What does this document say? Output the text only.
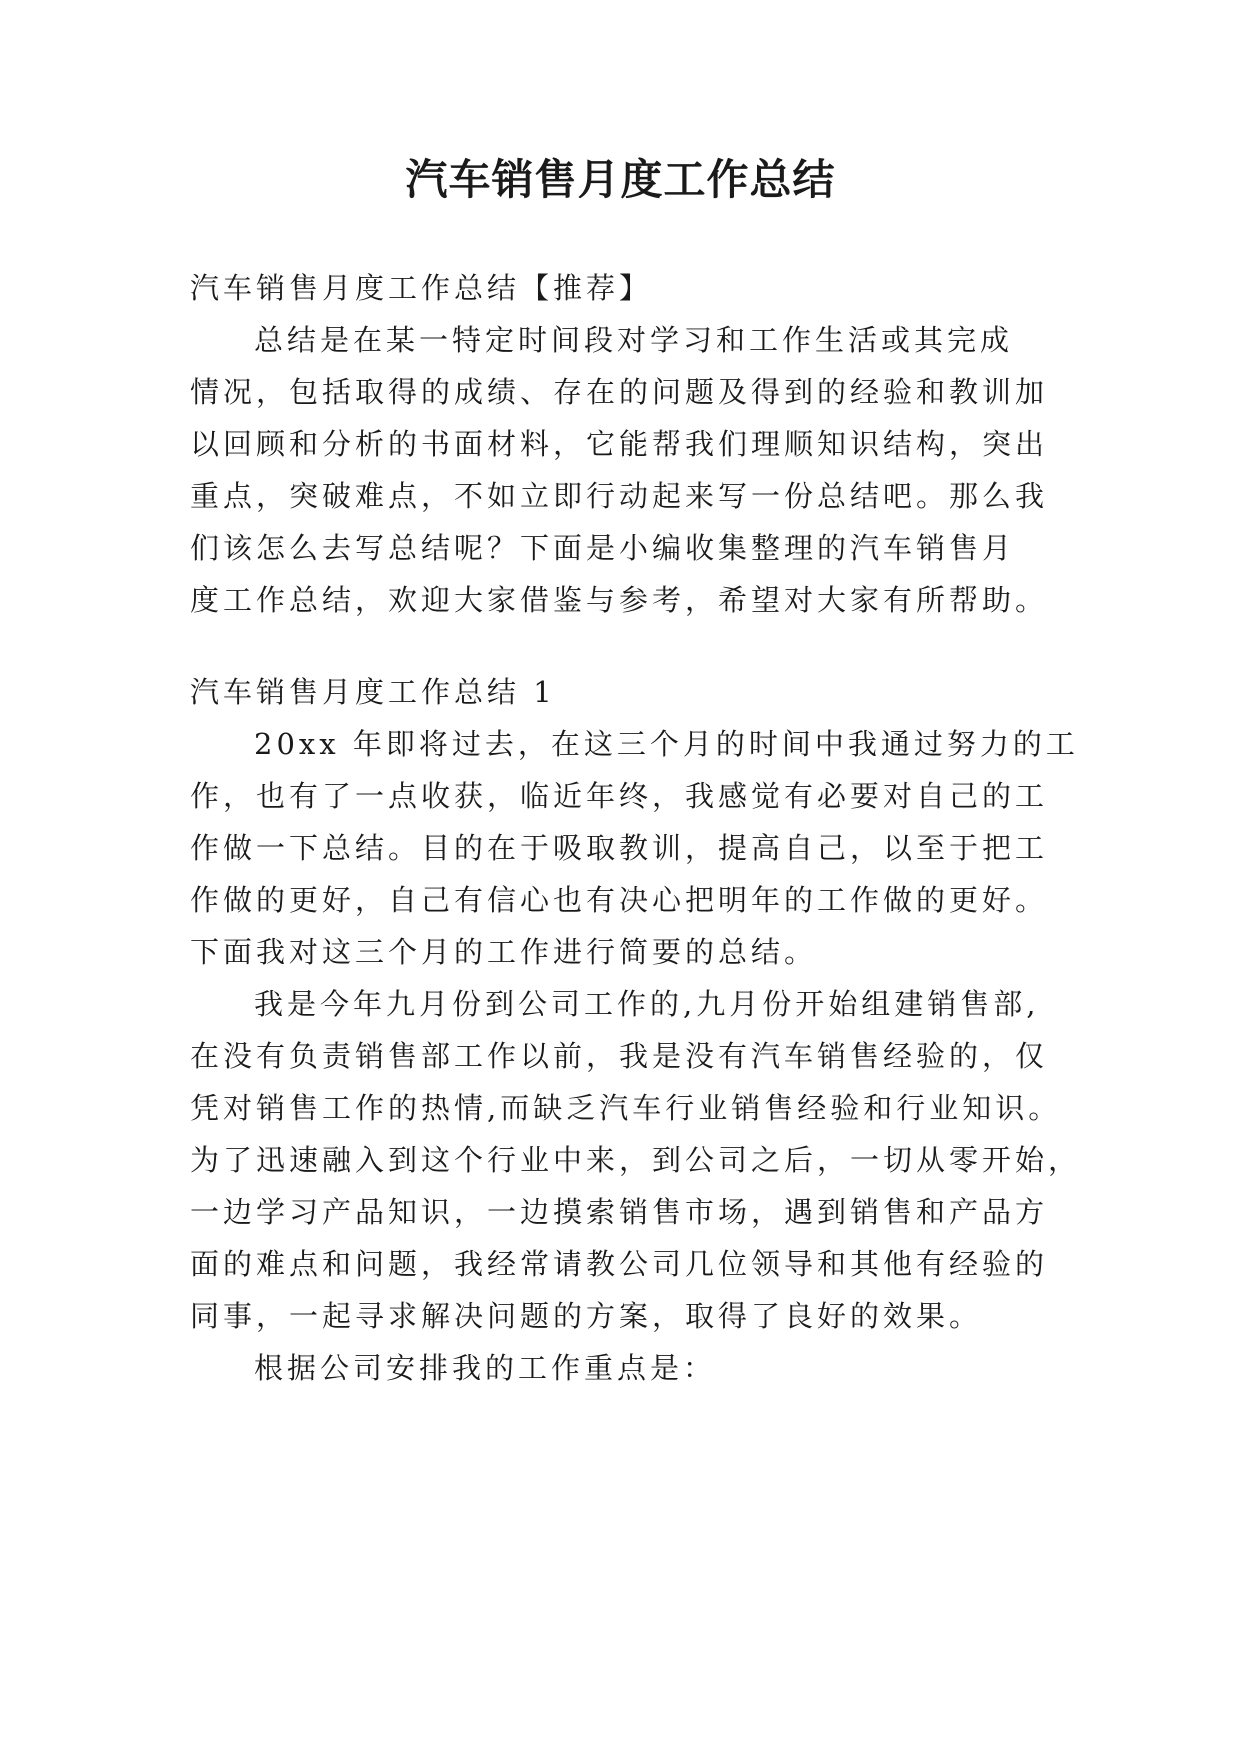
汽车销售月度工作总结

汽车销售月度工作总结【推荐】

总结是在某一特定时间段对学习和工作生活或其完成

情况，包括取得的成绩、存在的问题及得到的经验和教训加

以回顾和分析的书面材料，它能帮我们理顺知识结构，突出

重点，突破难点，不如立即行动起来写一份总结吧。那么我

们该怎么去写总结呢？下面是小编收集整理的汽车销售月

度工作总结，欢迎大家借鉴与参考，希望对大家有所帮助。

汽车销售月度工作总结 1

20xx 年即将过去，在这三个月的时间中我通过努力的工

作，也有了一点收获，临近年终，我感觉有必要对自己的工

作做一下总结。目的在于吸取教训，提高自己，以至于把工

作做的更好，自己有信心也有决心把明年的工作做的更好。

下面我对这三个月的工作进行简要的总结。

我是今年九月份到公司工作的,九月份开始组建销售部,

在没有负责销售部工作以前，我是没有汽车销售经验的，仅

凭对销售工作的热情,而缺乏汽车行业销售经验和行业知识。

为了迅速融入到这个行业中来，到公司之后，一切从零开始，

一边学习产品知识，一边摸索销售市场，遇到销售和产品方

面的难点和问题，我经常请教公司几位领导和其他有经验的

同事，一起寻求解决问题的方案，取得了良好的效果。

根据公司安排我的工作重点是：
